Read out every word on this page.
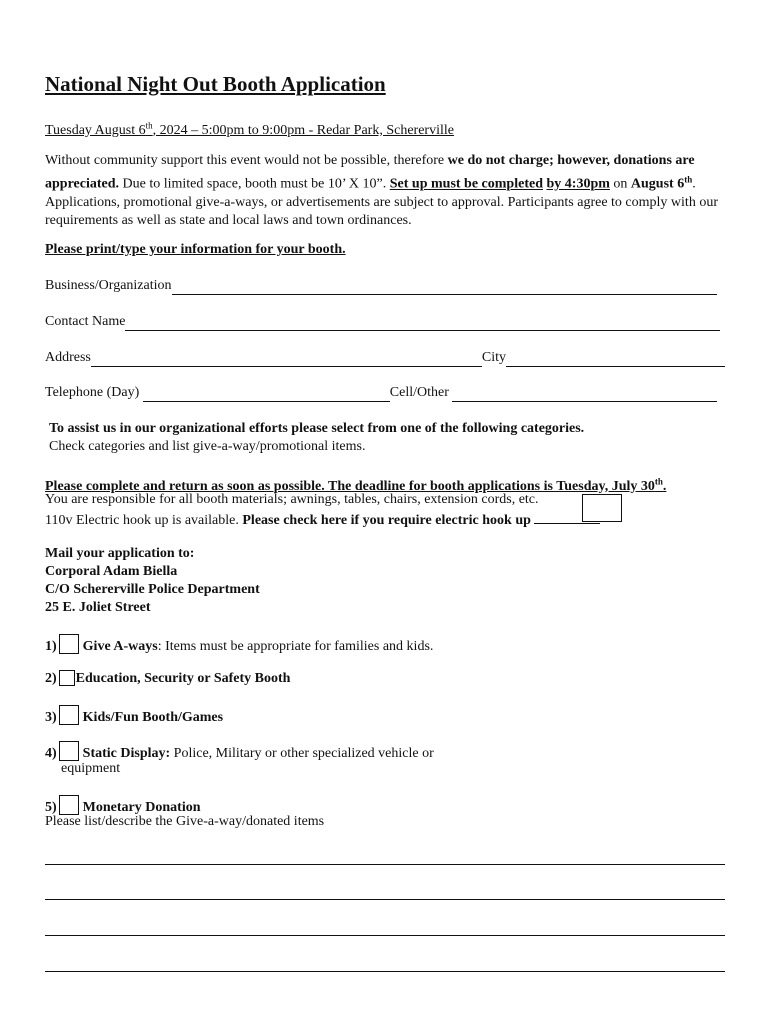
National Night Out Booth Application
Tuesday August 6th, 2024 – 5:00pm to 9:00pm - Redar Park, Schererville
Without community support this event would not be possible, therefore we do not charge; however, donations are appreciated. Due to limited space, booth must be 10’ X 10”. Set up must be completed by 4:30pm on August 6th. Applications, promotional give-a-ways, or advertisements are subject to approval. Participants agree to comply with our requirements as well as state and local laws and town ordinances.
Please print/type your information for your booth.
Business/Organization
Contact Name
Address	City
Telephone (Day)	Cell/Other
To assist us in our organizational efforts please select from one of the following categories.
Check categories and list give-a-way/promotional items.
Please complete and return as soon as possible. The deadline for booth applications is Tuesday, July 30th.
You are responsible for all booth materials; awnings, tables, chairs, extension cords, etc.
110v Electric hook up is available. Please check here if you require electric hook up
Mail your application to:
Corporal Adam Biella
C/O Schererville Police Department
25 E. Joliet Street
1) Give A-ways: Items must be appropriate for families and kids.
2) Education, Security or Safety Booth
3) Kids/Fun Booth/Games
4) Static Display: Police, Military or other specialized vehicle or
equipment
5) Monetary Donation
Please list/describe the Give-a-way/donated items
